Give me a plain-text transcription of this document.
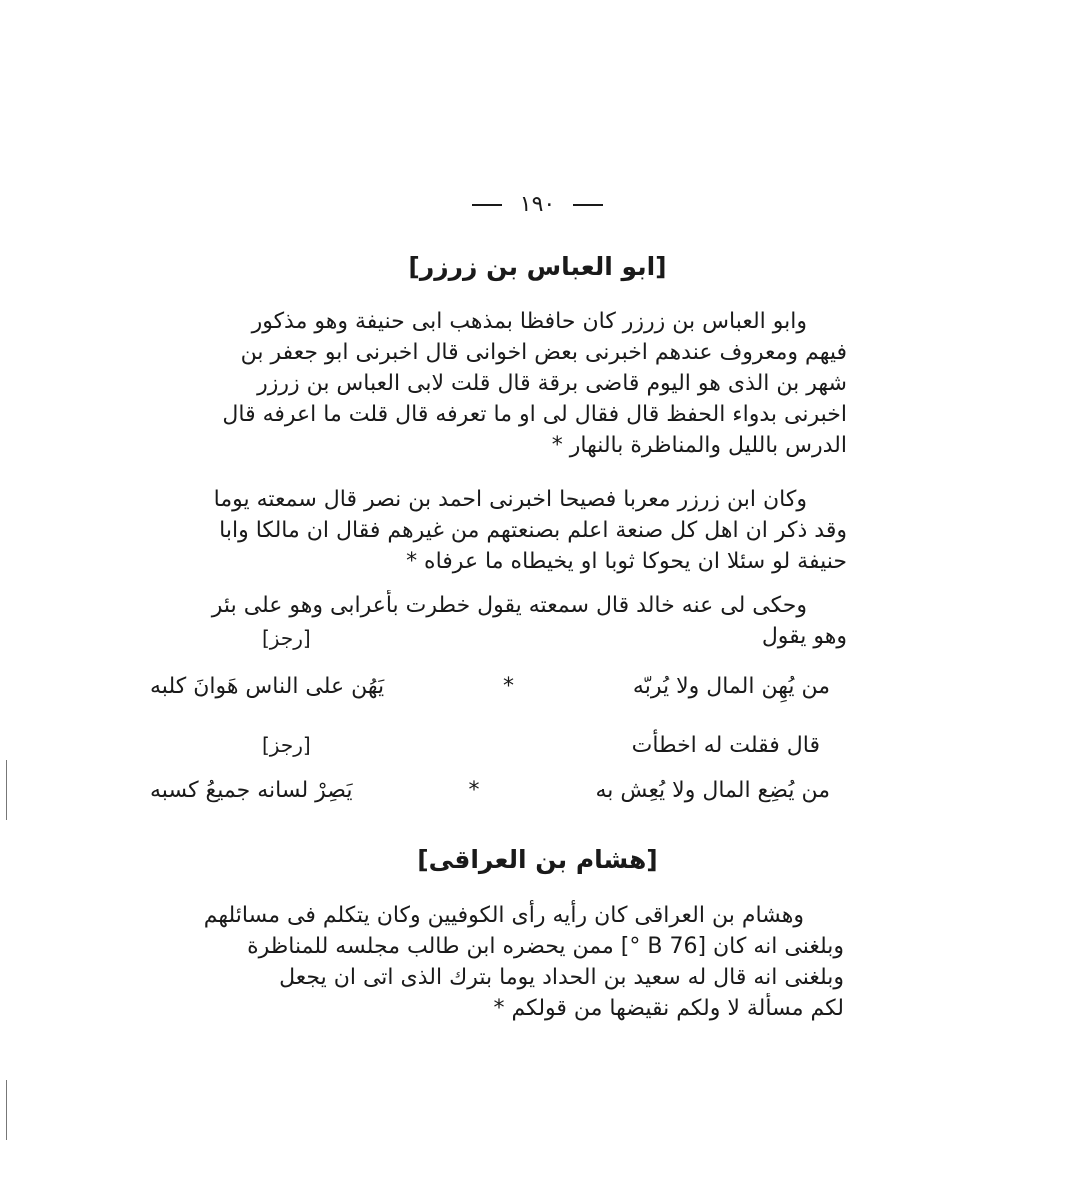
١٩٠
[ابو العباس بن زرزر]
وابو العباس بن زرزر كان حافظا بمذهب ابى حنيفة وهو مذكور
فيهم ومعروف عندهم اخبرنى بعض اخوانى قال اخبرنى ابو جعفر بن
شهر بن الذى هو اليوم قاضى برقة قال قلت لابى العباس بن زرزر
اخبرنى بدواء الحفظ قال فقال لى او ما تعرفه قال قلت ما اعرفه قال
الدرس بالليل والمناظرة بالنهار *
وكان ابن زرزر معربا فصيحا اخبرنى احمد بن نصر قال سمعته يوما
وقد ذكر ان اهل كل صنعة اعلم بصنعتهم من غيرهم فقال ان مالكا وابا
حنيفة لو سئلا ان يحوكا ثوبا او يخيطاه ما عرفاه *
وحكى لى عنه خالد قال سمعته يقول خطرت بأعرابى وهو على بئر
وهو يقول
[رجز]
من يُهِن المال ولا يُربّه
*
يَهُن على الناس هَوانَ كلبه
قال فقلت له اخطأت
[رجز]
من يُضِع المال ولا يُعِش به
*
يَصِرْ لسانه جميعُ كسبه
[هشام بن العراقى]
وهشام بن العراقى كان رأيه رأى الكوفيين وكان يتكلم فى مسائلهم
وبلغنى انه كان [76 B °] ممن يحضره ابن طالب مجلسه للمناظرة
وبلغنى انه قال له سعيد بن الحداد يوما بترك الذى اتى ان يجعل
لكم مسألة لا ولكم نقيضها من قولكم *
